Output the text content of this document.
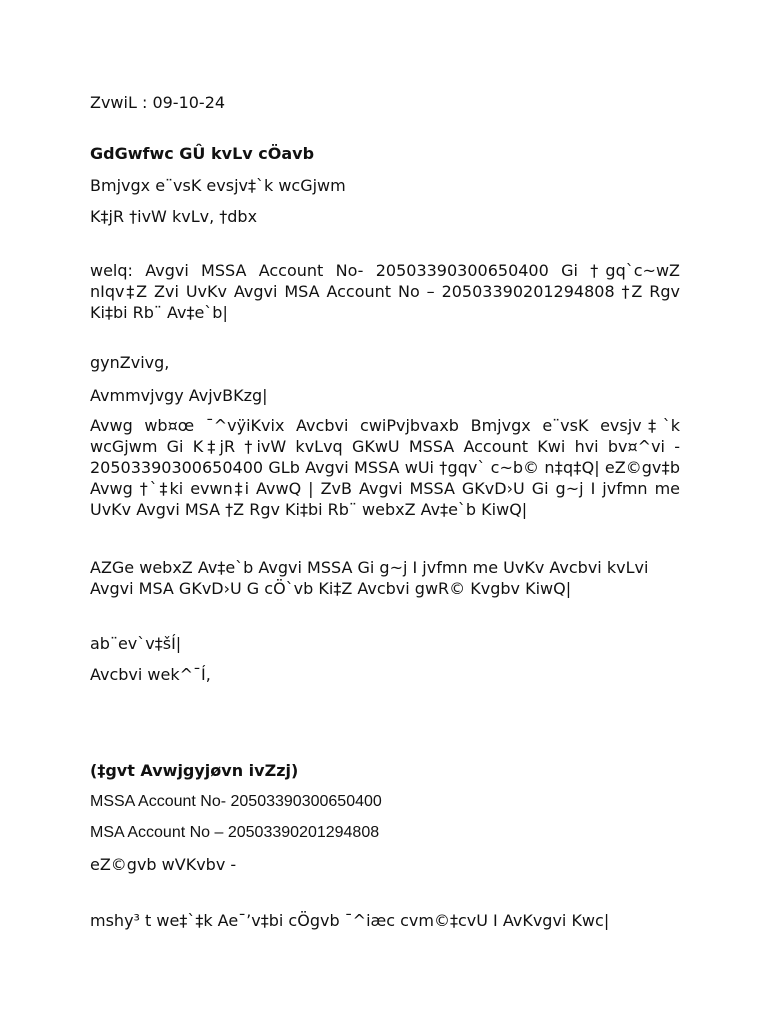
ZvwiL : 09-10-24
GdGwfwc GÛ kvLv cÖavb
Bmjvgx e¨vsK evsjv‡`k wcGjwm
K‡jR †ivW kvLv, †dbx

welq: Avgvi MSSA Account No- 20503390300650400 Gi †gq`c~wZ nIqv‡Z Zvi UvKv Avgvi MSA Account No – 20503390201294808 †Z Rgv Ki‡bi Rb¨ Av‡e`b|

gynZvivg,
Avmmvjvgy AvjvBKzg|

Avwg wb¤œ ¯^vÿiKvix Avcbvi cwiPvjbvaxb Bmjvgx e¨vsK evsjv‡`k wcGjwm Gi K‡jR †ivW kvLvq GKwU MSSA Account Kwi hvi bv¤^vi - 20503390300650400 GLb Avgvi MSSA wUi †gqv` c~b© n‡q‡Q| eZ©gv‡b Avwg †`‡ki evwn‡i AvwQ | ZvB Avgvi MSSA GKvD›U Gi g~j I jvfmn me UvKv Avgvi MSA †Z Rgv Ki‡bi Rb¨ webxZ Av‡e`b KiwQ|

AZGe webxZ Av‡e`b Avgvi MSSA Gi g~j I jvfmn me UvKv Avcbvi kvLvi Avgvi MSA GKvD›U G cÖ`vb Ki‡Z Avcbvi gwR© Kvgbv KiwQ|

ab¨ev`v‡šÍ|
Avcbvi wek^¯Í,
(‡gvt Avwjgyjøvn ivZzj)
MSSA Account No- 20503390300650400
MSA Account No – 20503390201294808
eZ©gvb wVKvbv -
mshy³ t we‡`‡k Ae¯’v‡bi cÖgvb ¯^iæc cvm©‡cvU I AvKvgvi Kwc|
